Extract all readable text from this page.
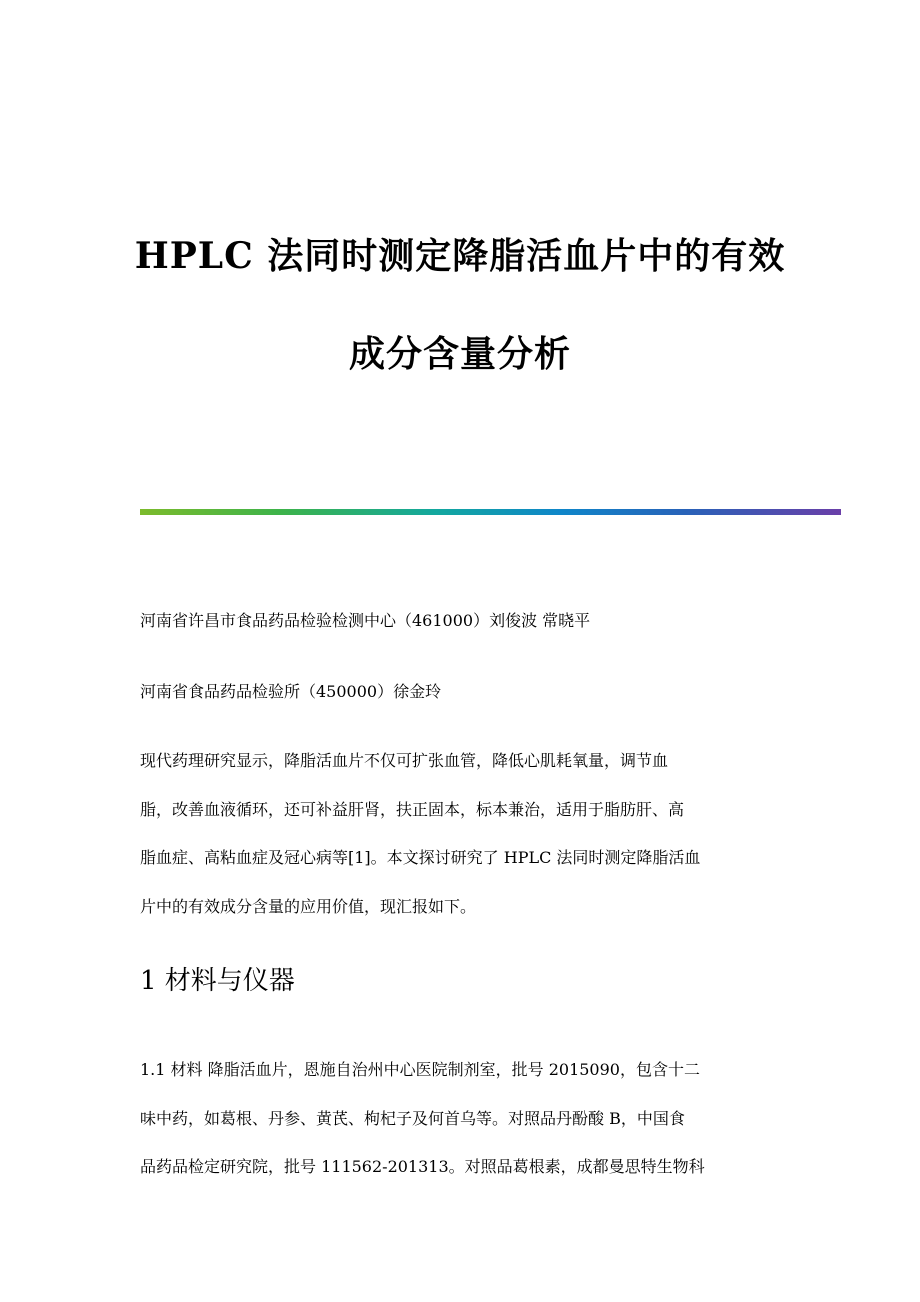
HPLC 法同时测定降脂活血片中的有效
成分含量分析

河南省许昌市食品药品检验检测中心（461000）刘俊波 常晓平

河南省食品药品检验所（450000）徐金玲

现代药理研究显示，降脂活血片不仅可扩张血管，降低心肌耗氧量，调节血

脂，改善血液循环，还可补益肝肾，扶正固本，标本兼治，适用于脂肪肝、高

脂血症、高粘血症及冠心病等[1]。本文探讨研究了 HPLC 法同时测定降脂活血

片中的有效成分含量的应用价值，现汇报如下。

1 材料与仪器

1.1 材料 降脂活血片，恩施自治州中心医院制剂室，批号 2015090，包含十二

味中药，如葛根、丹参、黄芪、枸杞子及何首乌等。对照品丹酚酸 B，中国食

品药品检定研究院，批号 111562-201313。对照品葛根素，成都曼思特生物科
